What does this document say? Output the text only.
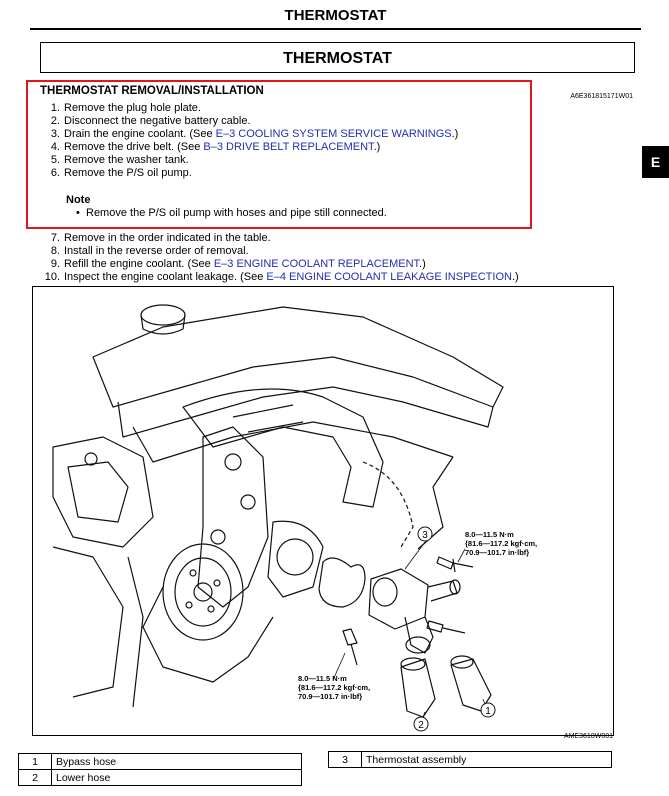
THERMOSTAT
THERMOSTAT
A6E361815171W01
E
THERMOSTAT REMOVAL/INSTALLATION
1. Remove the plug hole plate.
2. Disconnect the negative battery cable.
3. Drain the engine coolant. (See E–3 COOLING SYSTEM SERVICE WARNINGS.)
4. Remove the drive belt. (See B–3 DRIVE BELT REPLACEMENT.)
5. Remove the washer tank.
6. Remove the P/S oil pump.
Note
• Remove the P/S oil pump with hoses and pipe still connected.
7. Remove in the order indicated in the table.
8. Install in the reverse order of removal.
9. Refill the engine coolant. (See E–3 ENGINE COOLANT REPLACEMENT.)
10. Inspect the engine coolant leakage. (See E–4 ENGINE COOLANT LEAKAGE INSPECTION.)
3
2
1
8.0—11.5 N·m
{81.6—117.2 kgf·cm,
70.9—101.7 in·lbf}
8.0—11.5 N·m
{81.6—117.2 kgf·cm,
70.9—101.7 in·lbf}
AME3618W001
1	Bypass hose
2	Lower hose
3	Thermostat assembly
